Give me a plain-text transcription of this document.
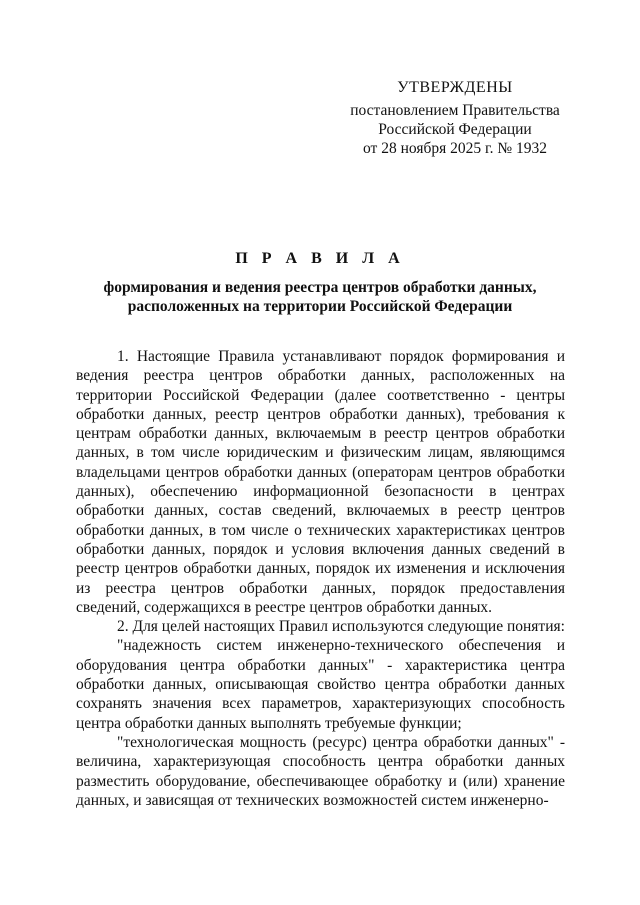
УТВЕРЖДЕНЫ
постановлением Правительства
Российской Федерации
от 28 ноября 2025 г. № 1932
П Р А В И Л А
формирования и ведения реестра центров обработки данных,
расположенных на территории Российской Федерации

1. Настоящие Правила устанавливают порядок формирования и ведения реестра центров обработки данных, расположенных на территории Российской Федерации (далее соответственно - центры обработки данных, реестр центров обработки данных), требования к центрам обработки данных, включаемым в реестр центров обработки данных, в том числе юридическим и физическим лицам, являющимся владельцами центров обработки данных (операторам центров обработки данных), обеспечению информационной безопасности в центрах обработки данных, состав сведений, включаемых в реестр центров обработки данных, в том числе о технических характеристиках центров обработки данных, порядок и условия включения данных сведений в реестр центров обработки данных, порядок их изменения и исключения из реестра центров обработки данных, порядок предоставления сведений, содержащихся в реестре центров обработки данных.

2. Для целей настоящих Правил используются следующие понятия:

"надежность систем инженерно-технического обеспечения и оборудования центра обработки данных" - характеристика центра обработки данных, описывающая свойство центра обработки данных сохранять значения всех параметров, характеризующих способность центра обработки данных выполнять требуемые функции;

"технологическая мощность (ресурс) центра обработки данных" - величина, характеризующая способность центра обработки данных разместить оборудование, обеспечивающее обработку и (или) хранение данных, и зависящая от технических возможностей систем инженерно-
